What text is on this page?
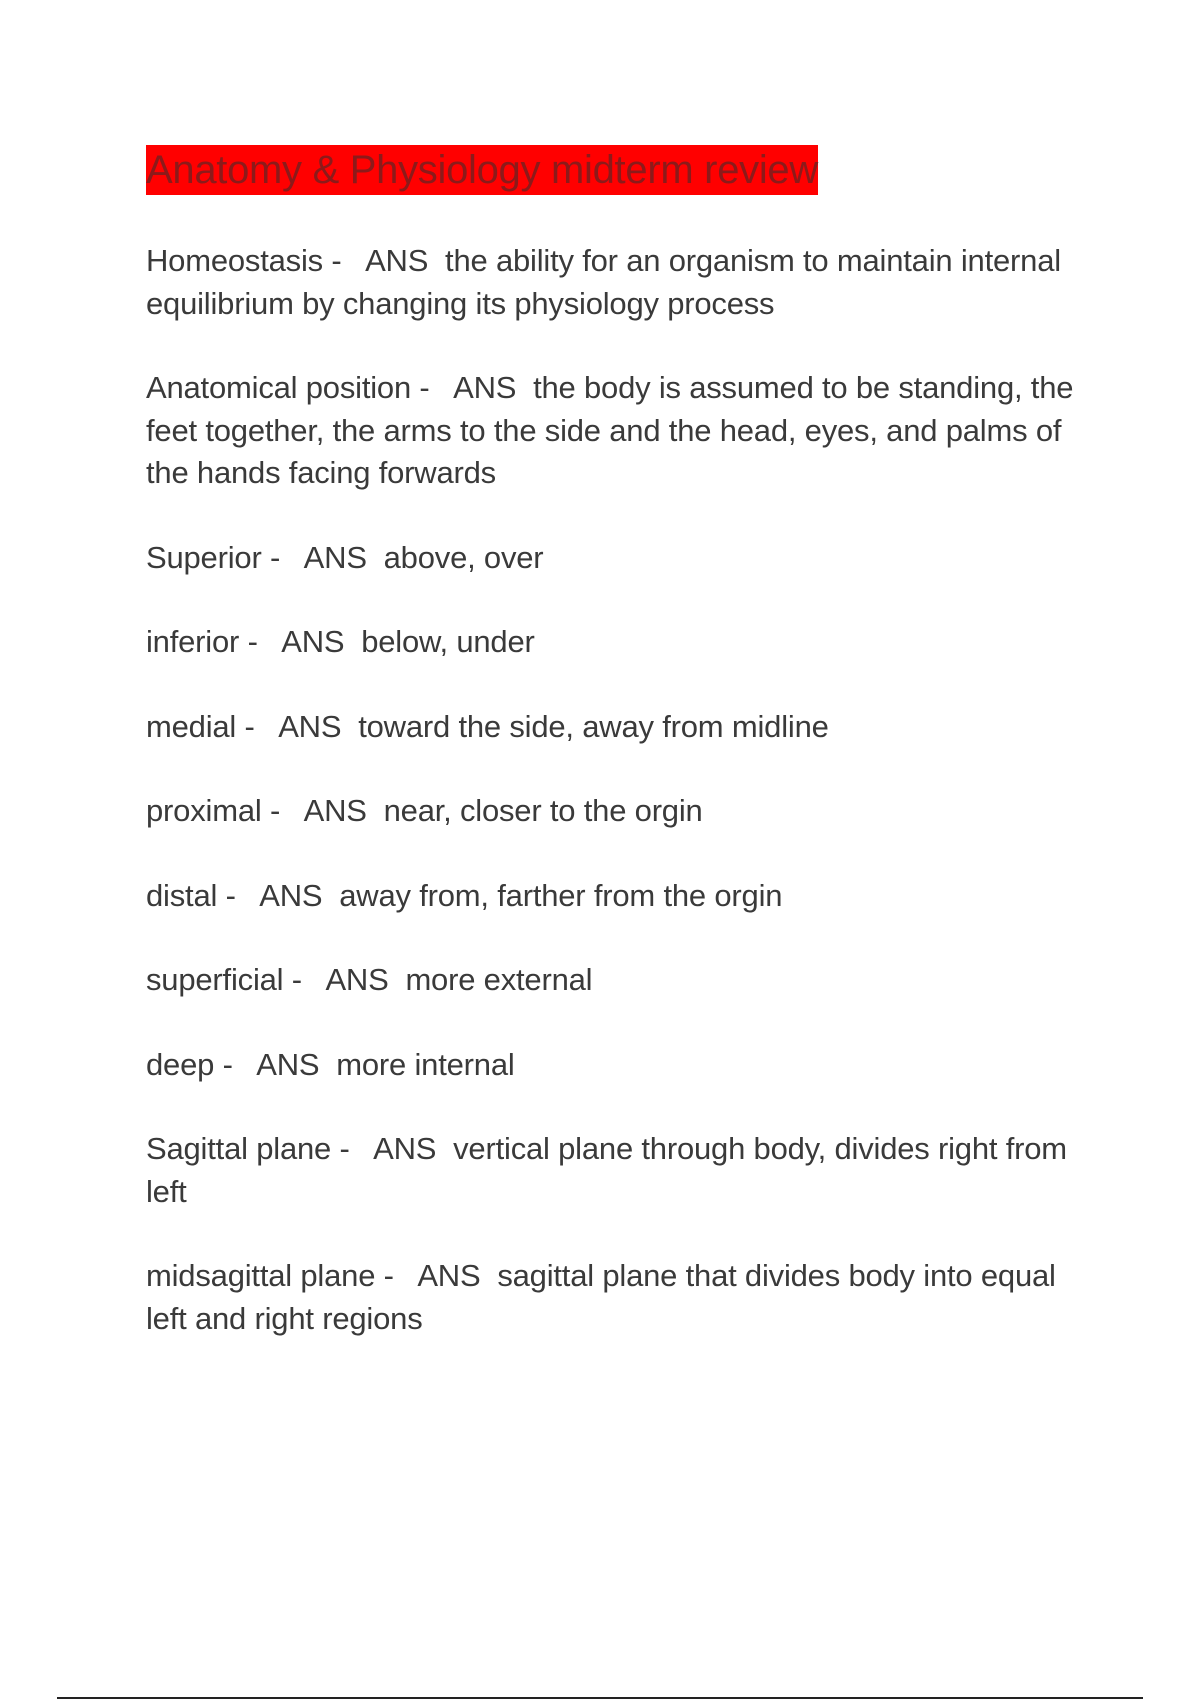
Anatomy & Physiology midterm review
Homeostasis -   ANS the ability for an organism to maintain internal equilibrium by changing its physiology process
Anatomical position -   ANS the body is assumed to be standing, the feet together, the arms to the side and the head, eyes, and palms of the hands facing forwards
Superior -   ANS above, over
inferior -   ANS below, under
medial -   ANS toward the side, away from midline
proximal -   ANS near, closer to the orgin
distal -   ANS away from, farther from the orgin
superficial -   ANS more external
deep -   ANS more internal
Sagittal plane -   ANS vertical plane through body, divides right from left
midsagittal plane -   ANS sagittal plane that divides body into equal left and right regions
